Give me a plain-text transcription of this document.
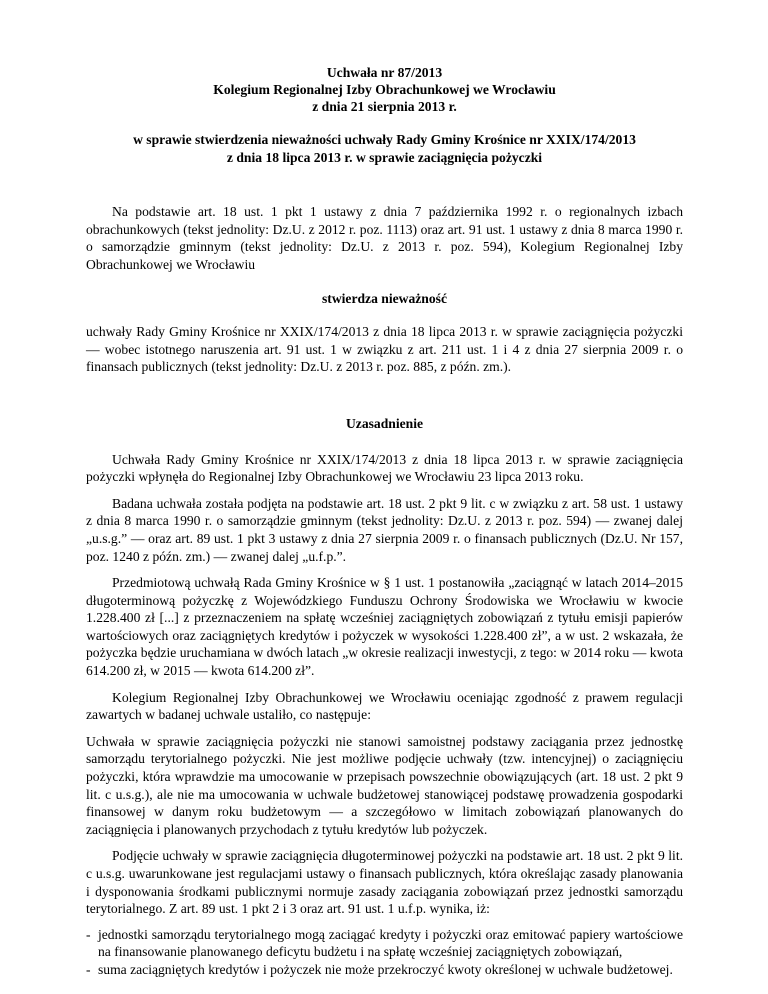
Uchwała nr 87/2013
Kolegium Regionalnej Izby Obrachunkowej we Wrocławiu
z dnia 21 sierpnia 2013 r.
w sprawie stwierdzenia nieważności uchwały Rady Gminy Krośnice nr XXIX/174/2013
z dnia 18 lipca 2013 r. w sprawie zaciągnięcia pożyczki

Na podstawie art. 18 ust. 1 pkt 1 ustawy z dnia 7 października 1992 r. o regionalnych izbach obrachunkowych (tekst jednolity: Dz.U. z 2012 r. poz. 1113) oraz art. 91 ust. 1 ustawy z dnia 8 marca 1990 r. o samorządzie gminnym (tekst jednolity: Dz.U. z 2013 r. poz. 594), Kolegium Regionalnej Izby Obrachunkowej we Wrocławiu

stwierdza nieważność

uchwały Rady Gminy Krośnice nr XXIX/174/2013 z dnia 18 lipca 2013 r. w sprawie zaciągnięcia pożyczki — wobec istotnego naruszenia art. 91 ust. 1 w związku z art. 211 ust. 1 i 4 z dnia 27 sierpnia 2009 r. o finansach publicznych (tekst jednolity: Dz.U. z 2013 r. poz. 885, z późn. zm.).

Uzasadnienie

Uchwała Rady Gminy Krośnice nr XXIX/174/2013 z dnia 18 lipca 2013 r. w sprawie zaciągnięcia pożyczki wpłynęła do Regionalnej Izby Obrachunkowej we Wrocławiu 23 lipca 2013 roku.

Badana uchwała została podjęta na podstawie art. 18 ust. 2 pkt 9 lit. c w związku z art. 58 ust. 1 ustawy z dnia 8 marca 1990 r. o samorządzie gminnym (tekst jednolity: Dz.U. z 2013 r. poz. 594) — zwanej dalej „u.s.g.” — oraz art. 89 ust. 1 pkt 3 ustawy z dnia 27 sierpnia 2009 r. o finansach publicznych (Dz.U. Nr 157, poz. 1240 z późn. zm.) — zwanej dalej „u.f.p.”.

Przedmiotową uchwałą Rada Gminy Krośnice w § 1 ust. 1 postanowiła „zaciągnąć w latach 2014–2015 długoterminową pożyczkę z Wojewódzkiego Funduszu Ochrony Środowiska we Wrocławiu w kwocie 1.228.400 zł [...] z przeznaczeniem na spłatę wcześniej zaciągniętych zobowiązań z tytułu emisji papierów wartościowych oraz zaciągniętych kredytów i pożyczek w wysokości 1.228.400 zł”, a w ust. 2 wskazała, że pożyczka będzie uruchamiana w dwóch latach „w okresie realizacji inwestycji, z tego: w 2014 roku — kwota 614.200 zł, w 2015 — kwota 614.200 zł”.

Kolegium Regionalnej Izby Obrachunkowej we Wrocławiu oceniając zgodność z prawem regulacji zawartych w badanej uchwale ustaliło, co następuje:

Uchwała w sprawie zaciągnięcia pożyczki nie stanowi samoistnej podstawy zaciągania przez jednostkę samorządu terytorialnego pożyczki. Nie jest możliwe podjęcie uchwały (tzw. intencyjnej) o zaciągnięciu pożyczki, która wprawdzie ma umocowanie w przepisach powszechnie obowiązujących (art. 18 ust. 2 pkt 9 lit. c u.s.g.), ale nie ma umocowania w uchwale budżetowej stanowiącej podstawę prowadzenia gospodarki finansowej w danym roku budżetowym — a szczegółowo w limitach zobowiązań planowanych do zaciągnięcia i planowanych przychodach z tytułu kredytów lub pożyczek.

Podjęcie uchwały w sprawie zaciągnięcia długoterminowej pożyczki na podstawie art. 18 ust. 2 pkt 9 lit. c u.s.g. uwarunkowane jest regulacjami ustawy o finansach publicznych, która określając zasady planowania i dysponowania środkami publicznymi normuje zasady zaciągania zobowiązań przez jednostki samorządu terytorialnego. Z art. 89 ust. 1 pkt 2 i 3 oraz art. 91 ust. 1 u.f.p. wynika, iż:

- jednostki samorządu terytorialnego mogą zaciągać kredyty i pożyczki oraz emitować papiery wartościowe na finansowanie planowanego deficytu budżetu i na spłatę wcześniej zaciągniętych zobowiązań,
- suma zaciągniętych kredytów i pożyczek nie może przekroczyć kwoty określonej w uchwale budżetowej.
